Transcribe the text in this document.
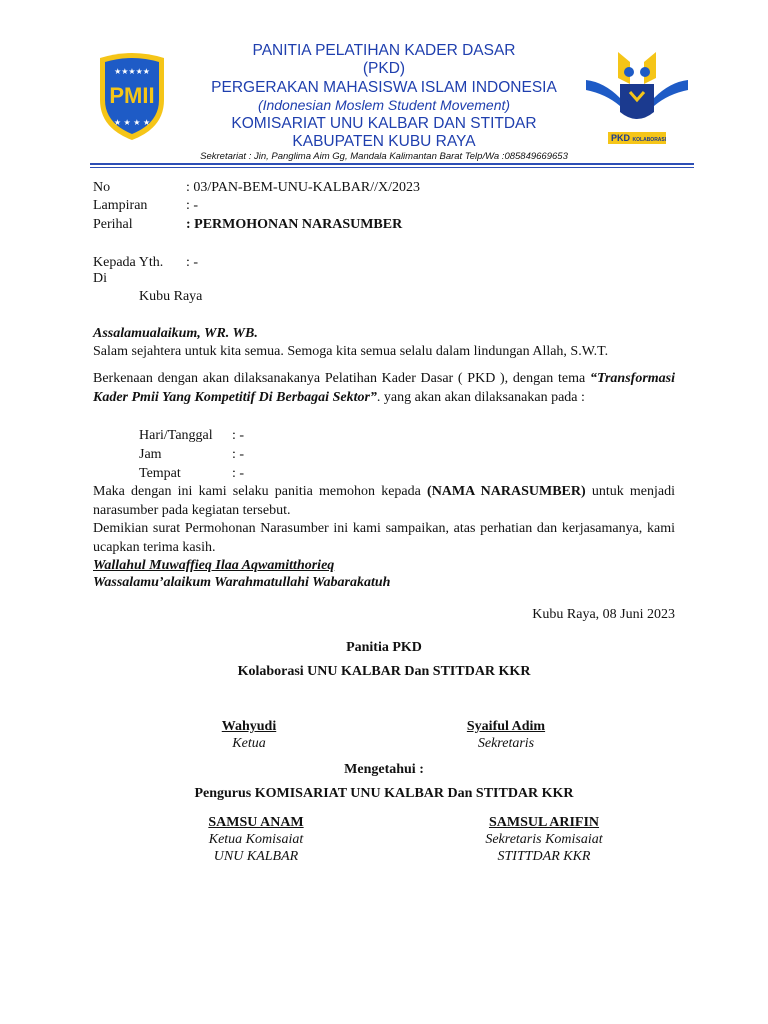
★★★★★
★ ★ ★ ★
PMII
PKD KOLABORASI
PANITIA PELATIHAN KADER DASAR
(PKD)
PERGERAKAN MAHASISWA ISLAM INDONESIA
(Indonesian Moslem Student Movement)
KOMISARIAT UNU KALBAR DAN STITDAR
KABUPATEN KUBU RAYA
Sekretariat : Jin, Panglima Aim Gg, Mandala Kalimantan Barat Telp/Wa :085849669653
No	: 03/PAN-BEM-UNU-KALBAR//X/2023
Lampiran	: -
Perihal	: PERMOHONAN NARASUMBER
Kepada Yth. : -
Di
Kubu Raya
Assalamualaikum, WR. WB.
Salam sejahtera untuk kita semua. Semoga kita semua selalu dalam lindungan Allah, S.W.T.
Berkenaan dengan akan dilaksanakanya Pelatihan Kader Dasar ( PKD ), dengan tema “Transformasi Kader Pmii Yang Kompetitif Di Berbagai Sektor”. yang akan akan dilaksanakan pada :
Hari/Tanggal : -
Jam	: -
Tempat	: -
Maka dengan ini kami selaku panitia memohon kepada (NAMA NARASUMBER) untuk menjadi narasumber pada kegiatan tersebut.
Demikian surat Permohonan Narasumber ini kami sampaikan, atas perhatian dan kerjasamanya, kami ucapkan terima kasih.
Wallahul Muwaffieq Ilaa Aqwamitthorieq
Wassalamu’alaikum Warahmatullahi Wabarakatuh
Kubu Raya, 08 Juni 2023
Panitia PKD
Kolaborasi UNU KALBAR Dan STITDAR KKR
Wahyudi
Ketua
Syaiful Adim
Sekretaris
Mengetahui :
Pengurus KOMISARIAT UNU KALBAR Dan STITDAR KKR
SAMSU ANAM
Ketua Komisaiat
UNU KALBAR
SAMSUL ARIFIN
Sekretaris Komisaiat
STITTDAR KKR
